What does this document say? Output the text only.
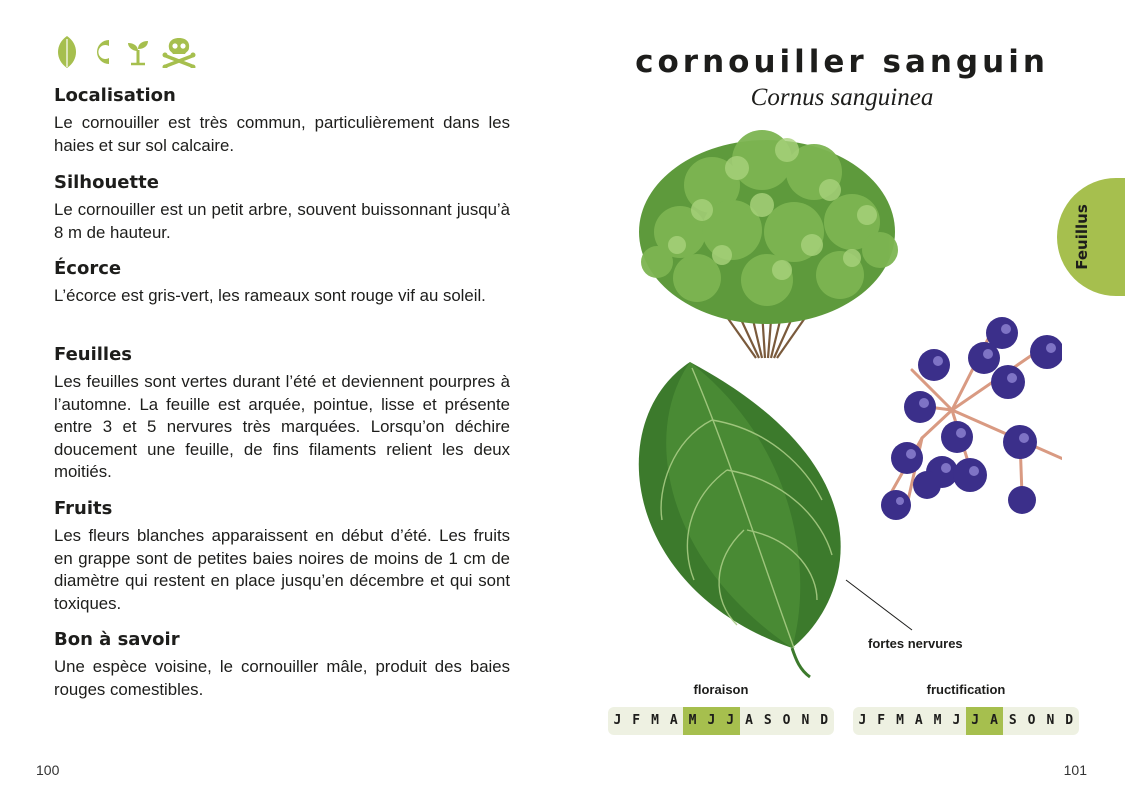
Localisation

Le cornouiller est très commun, particulièrement dans les haies et sur sol calcaire.

Silhouette

Le cornouiller est un petit arbre, souvent buissonnant jusqu’à 8 m de hauteur.

Écorce

L’écorce est gris-vert, les rameaux sont rouge vif au soleil.

Feuilles

Les feuilles sont vertes durant l’été et deviennent pourpres à l’automne. La feuille est arquée, pointue, lisse et présente entre 3 et 5 nervures très marquées. Lorsqu’on déchire doucement une feuille, de fins filaments relient les deux moitiés.

Fruits

Les fleurs blanches apparaissent en début d’été. Les fruits en grappe sont de petites baies noires de moins de 1 cm de diamètre qui restent en place jusqu’en décembre et qui sont toxiques.

Bon à savoir

Une espèce voisine, le cornouiller mâle, produit des baies rouges comestibles.

100
cornouiller sanguin
Cornus sanguinea
Feuillus
fortes nervures
floraison
J F M A M J J A S O N D
fructification
J F M A M J J A S O N D
101
